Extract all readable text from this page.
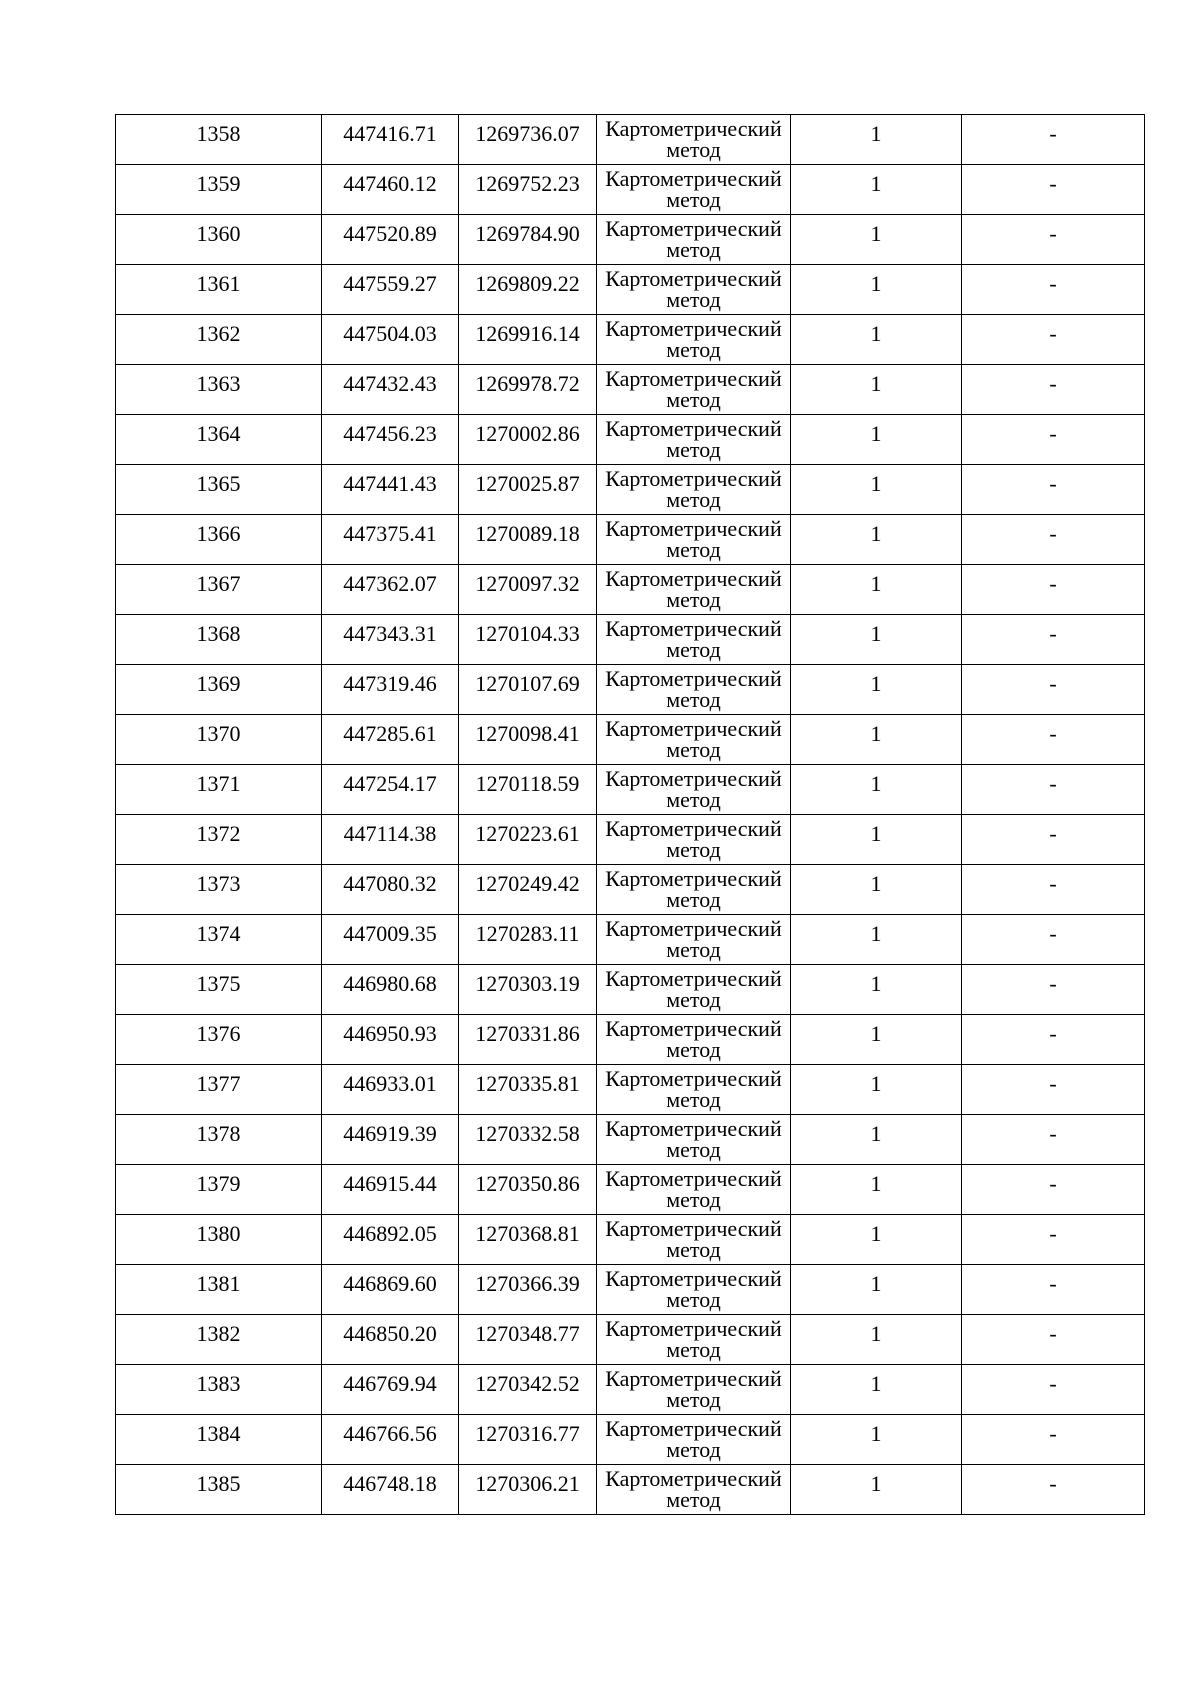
1358	447416.71	1269736.07	Картометрический
метод	1	-

1359	447460.12	1269752.23	Картометрический
метод	1	-

1360	447520.89	1269784.90	Картометрический
метод	1	-

1361	447559.27	1269809.22	Картометрический
метод	1	-

1362	447504.03	1269916.14	Картометрический
метод	1	-

1363	447432.43	1269978.72	Картометрический
метод	1	-

1364	447456.23	1270002.86	Картометрический
метод	1	-

1365	447441.43	1270025.87	Картометрический
метод	1	-

1366	447375.41	1270089.18	Картометрический
метод	1	-

1367	447362.07	1270097.32	Картометрический
метод	1	-

1368	447343.31	1270104.33	Картометрический
метод	1	-

1369	447319.46	1270107.69	Картометрический
метод	1	-

1370	447285.61	1270098.41	Картометрический
метод	1	-

1371	447254.17	1270118.59	Картометрический
метод	1	-

1372	447114.38	1270223.61	Картометрический
метод	1	-

1373	447080.32	1270249.42	Картометрический
метод	1	-

1374	447009.35	1270283.11	Картометрический
метод	1	-

1375	446980.68	1270303.19	Картометрический
метод	1	-

1376	446950.93	1270331.86	Картометрический
метод	1	-

1377	446933.01	1270335.81	Картометрический
метод	1	-

1378	446919.39	1270332.58	Картометрический
метод	1	-

1379	446915.44	1270350.86	Картометрический
метод	1	-

1380	446892.05	1270368.81	Картометрический
метод	1	-

1381	446869.60	1270366.39	Картометрический
метод	1	-

1382	446850.20	1270348.77	Картометрический
метод	1	-

1383	446769.94	1270342.52	Картометрический
метод	1	-

1384	446766.56	1270316.77	Картометрический
метод	1	-

1385	446748.18	1270306.21	Картометрический
метод	1	-
